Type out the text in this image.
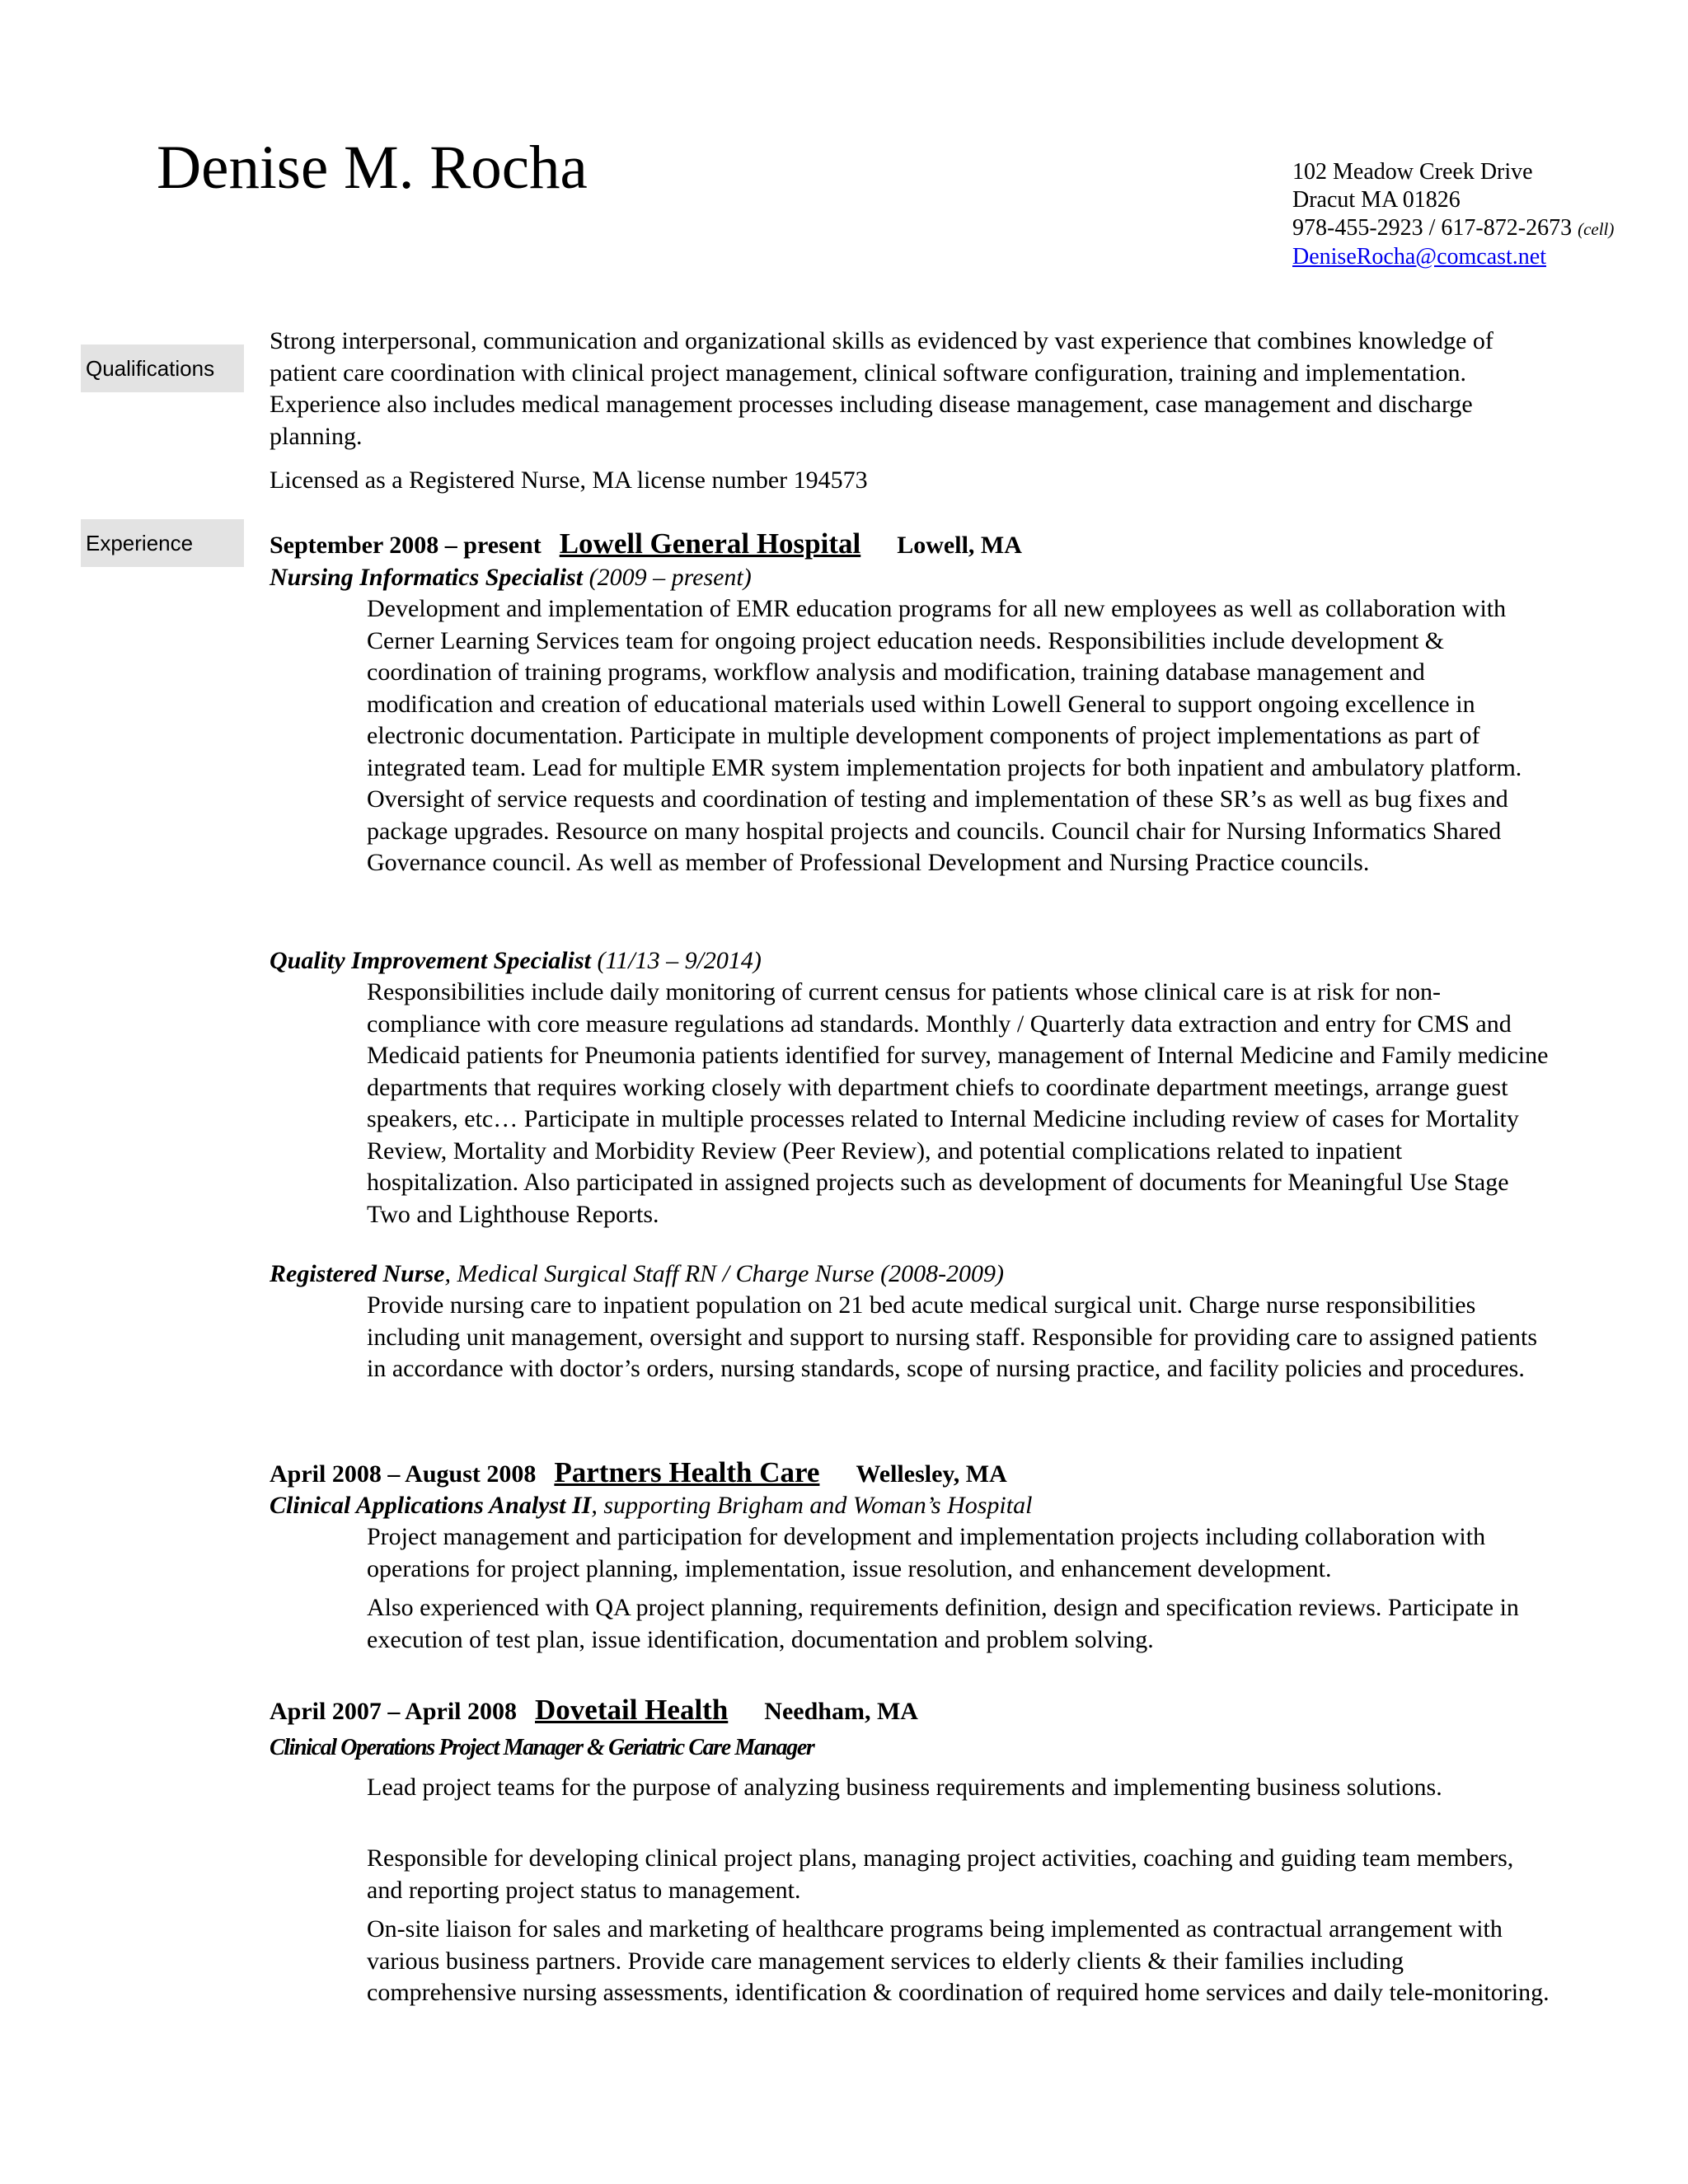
Denise M. Rocha	102 Meadow Creek Drive
Dracut MA 01826
978-455-2923 / 617-872-2673 (cell)
DeniseRocha@comcast.net
Qualifications
Strong interpersonal, communication and organizational skills as evidenced by vast experience that combines knowledge of patient care coordination with clinical project management, clinical software configuration, training and implementation. Experience also includes medical management processes including disease management, case management and discharge planning.
Licensed as a Registered Nurse, MA license number 194573
Experience	September 2008 – present Lowell General Hospital Lowell, MA
Nursing Informatics Specialist (2009 – present)
Development and implementation of EMR education programs for all new employees as well as collaboration with Cerner Learning Services team for ongoing project education needs. Responsibilities include development & coordination of training programs, workflow analysis and modification, training database management and modification and creation of educational materials used within Lowell General to support ongoing excellence in electronic documentation. Participate in multiple development components of project implementations as part of integrated team. Lead for multiple EMR system implementation projects for both inpatient and ambulatory platform. Oversight of service requests and coordination of testing and implementation of these SR’s as well as bug fixes and package upgrades. Resource on many hospital projects and councils. Council chair for Nursing Informatics Shared Governance council. As well as member of Professional Development and Nursing Practice councils.
Quality Improvement Specialist (11/13 – 9/2014)
Responsibilities include daily monitoring of current census for patients whose clinical care is at risk for non-compliance with core measure regulations ad standards. Monthly / Quarterly data extraction and entry for CMS and Medicaid patients for Pneumonia patients identified for survey, management of Internal Medicine and Family medicine departments that requires working closely with department chiefs to coordinate department meetings, arrange guest speakers, etc… Participate in multiple processes related to Internal Medicine including review of cases for Mortality Review, Mortality and Morbidity Review (Peer Review), and potential complications related to inpatient hospitalization. Also participated in assigned projects such as development of documents for Meaningful Use Stage Two and Lighthouse Reports.
Registered Nurse, Medical Surgical Staff RN / Charge Nurse (2008-2009)
Provide nursing care to inpatient population on 21 bed acute medical surgical unit. Charge nurse responsibilities including unit management, oversight and support to nursing staff. Responsible for providing care to assigned patients in accordance with doctor’s orders, nursing standards, scope of nursing practice, and facility policies and procedures.
April 2008 – August 2008 Partners Health Care Wellesley, MA
Clinical Applications Analyst II, supporting Brigham and Woman’s Hospital
Project management and participation for development and implementation projects including collaboration with operations for project planning, implementation, issue resolution, and enhancement development.
Also experienced with QA project planning, requirements definition, design and specification reviews. Participate in execution of test plan, issue identification, documentation and problem solving.
April 2007 – April 2008 Dovetail Health Needham, MA
Clinical Operations Project Manager & Geriatric Care Manager
Lead project teams for the purpose of analyzing business requirements and implementing business solutions.
Responsible for developing clinical project plans, managing project activities, coaching and guiding team members, and reporting project status to management.
On-site liaison for sales and marketing of healthcare programs being implemented as contractual arrangement with various business partners. Provide care management services to elderly clients & their families including comprehensive nursing assessments, identification & coordination of required home services and daily tele-monitoring.
